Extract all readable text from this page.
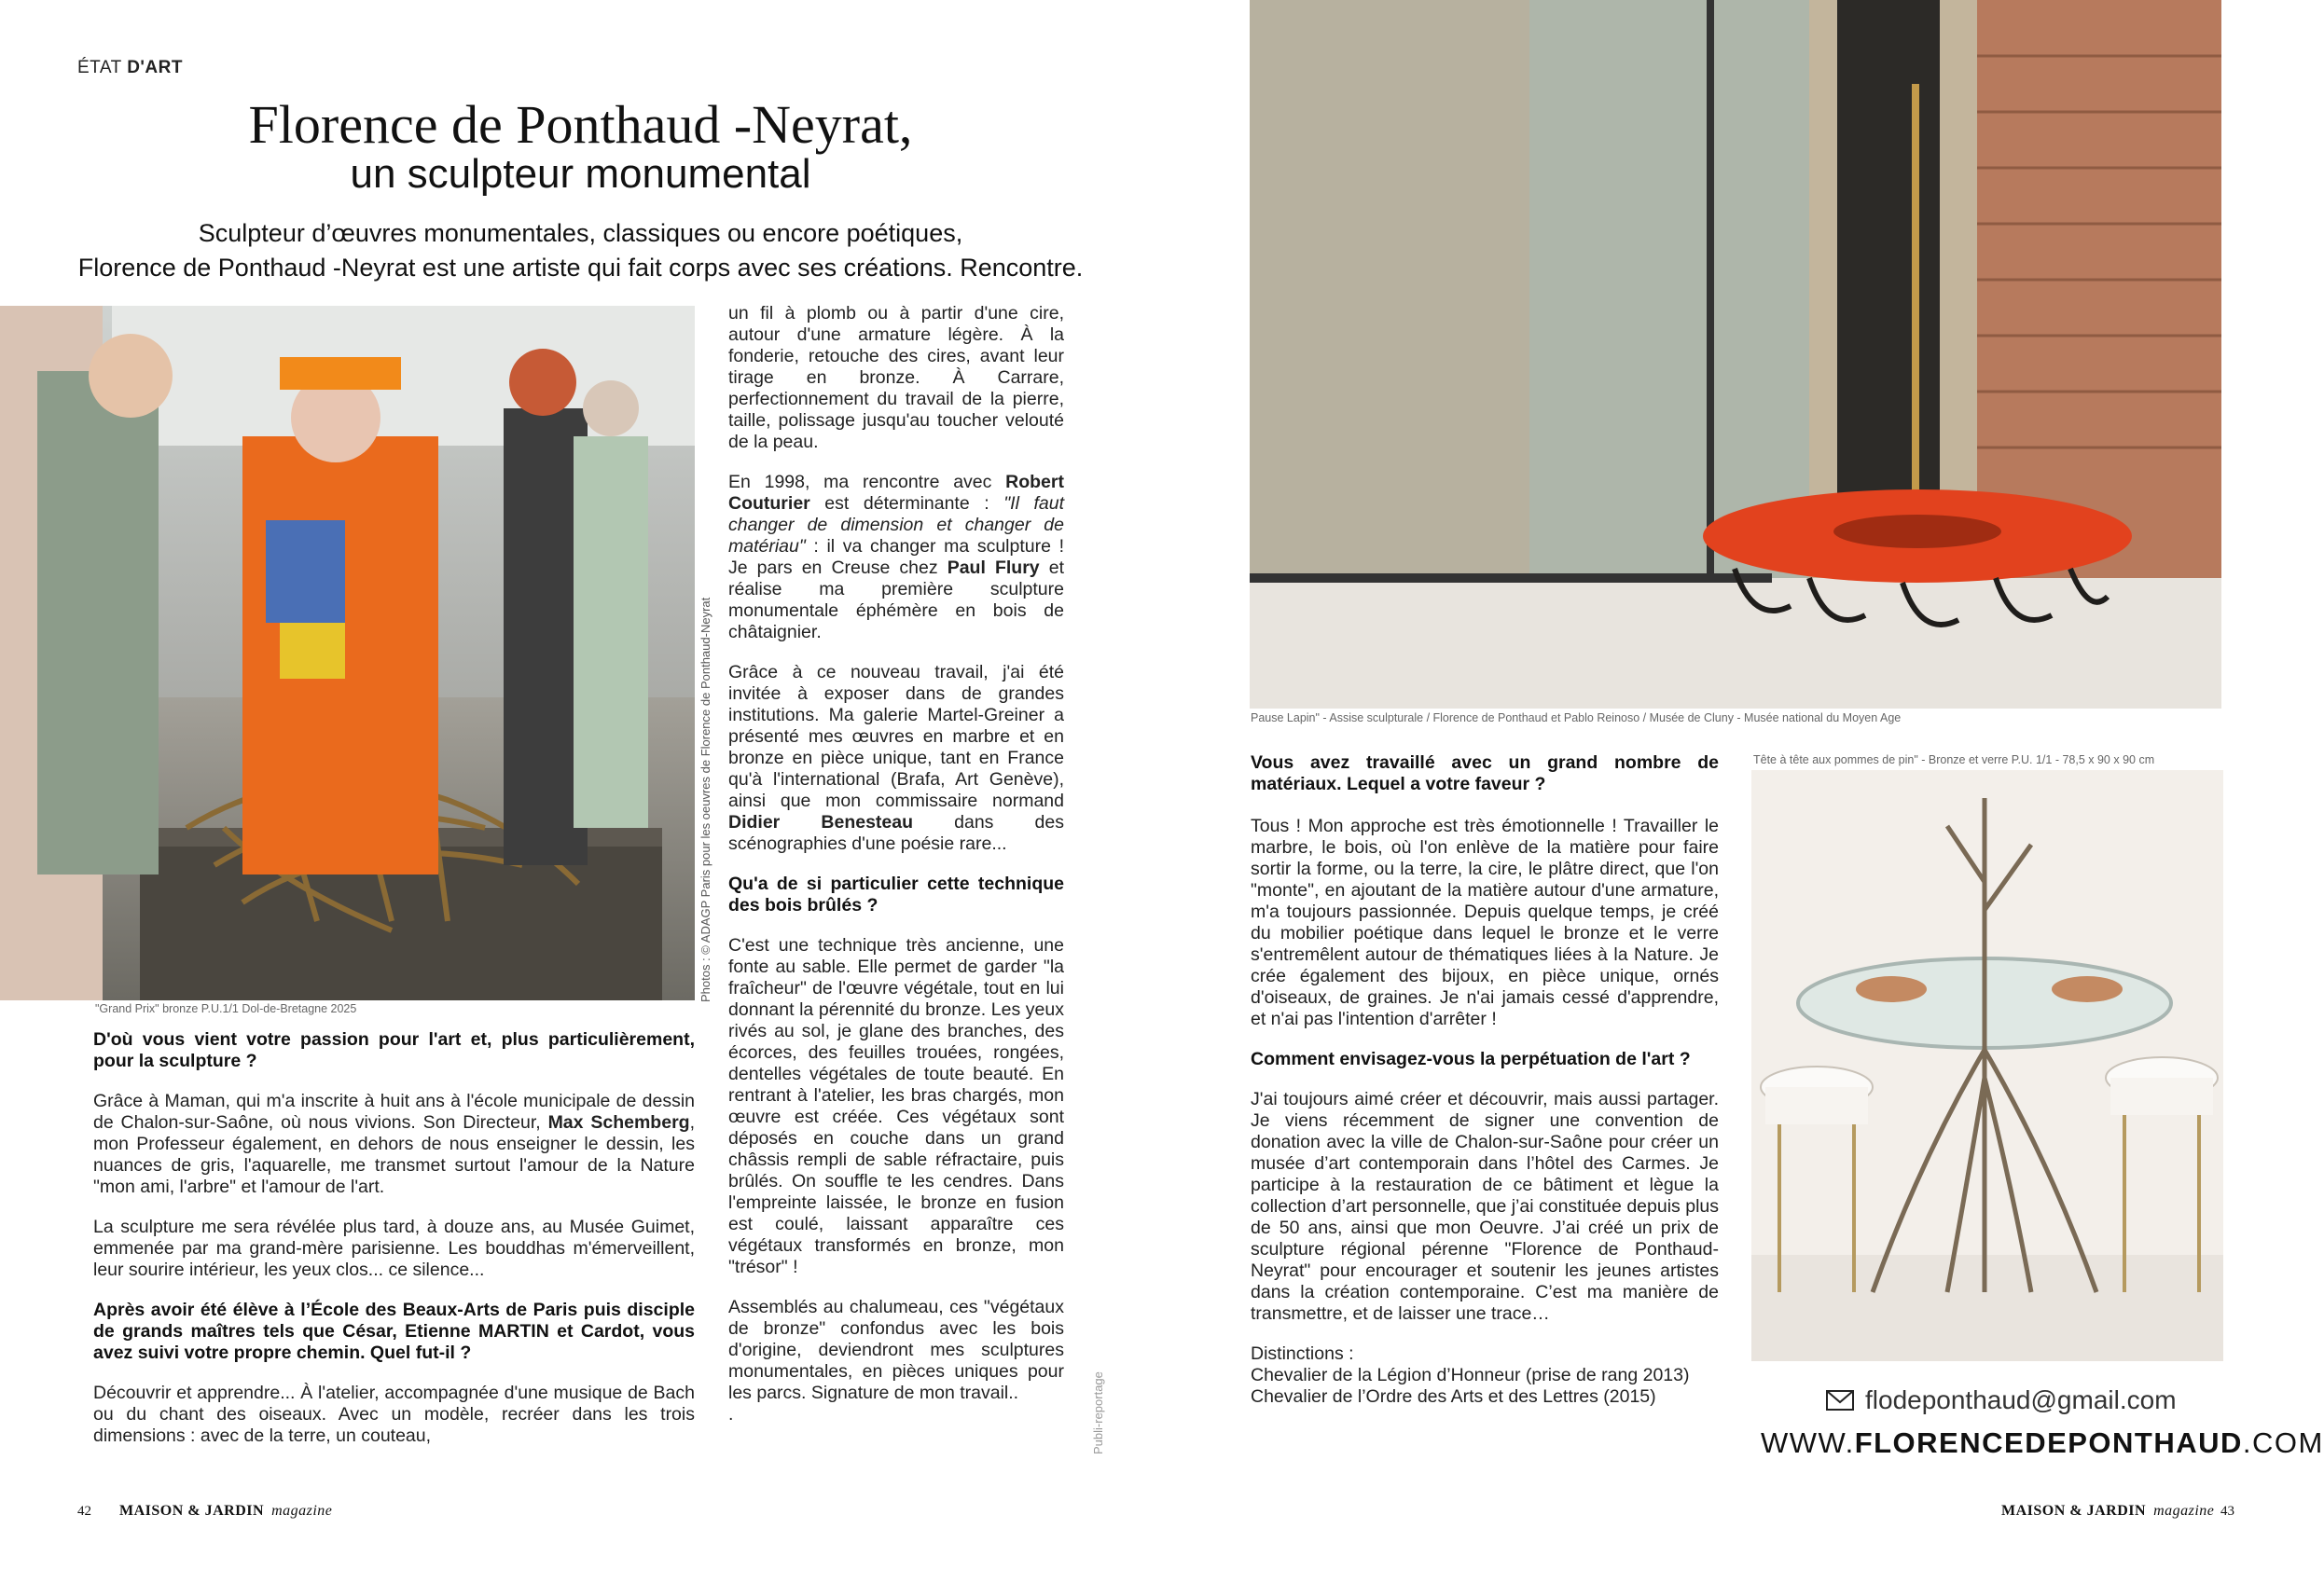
ÉTAT D'ART
Florence de Ponthaud -Neyrat,
un sculpteur monumental
Sculpteur d’œuvres monumentales, classiques ou encore poétiques,
Florence de Ponthaud -Neyrat est une artiste qui fait corps avec ses créations. Rencontre.
"Grand Prix" bronze P.U.1/1 Dol-de-Bretagne 2025
Photos : © ADAGP Paris pour les oeuvres de Florence de Ponthaud-Neyrat

D'où vous vient votre passion pour l'art et, plus particulièrement, pour la sculpture ?

Grâce à Maman, qui m'a inscrite à huit ans à l'école municipale de dessin de Chalon-sur-Saône, où nous vivions. Son Directeur, Max Schemberg, mon Professeur également, en dehors de nous enseigner le dessin, les nuances de gris, l'aquarelle, me transmet surtout l'amour de la Nature "mon ami, l'arbre" et l'amour de l'art.

La sculpture me sera révélée plus tard, à douze ans, au Musée Guimet, emmenée par ma grand-mère parisienne. Les bouddhas m'émerveillent, leur sourire intérieur, les yeux clos... ce silence...

Après avoir été élève à l’École des Beaux-Arts de Paris puis disciple de grands maîtres tels que César, Etienne MARTIN et Cardot, vous avez suivi votre propre chemin. Quel fut-il ?

Découvrir et apprendre... À l'atelier, accompagnée d'une musique de Bach ou du chant des oiseaux. Avec un modèle, recréer dans les trois dimensions : avec de la terre, un couteau,

un fil à plomb ou à partir d'une cire, autour d'une armature légère. À la fonderie, retouche des cires, avant leur tirage en bronze. À Carrare, perfectionnement du travail de la pierre, taille, polissage jusqu'au toucher velouté de la peau.

En 1998, ma rencontre avec Robert Couturier est déterminante : "Il faut changer de dimension et changer de matériau" : il va changer ma sculpture ! Je pars en Creuse chez Paul Flury et réalise ma première sculpture monumentale éphémère en bois de châtaignier.

Grâce à ce nouveau travail, j'ai été invitée à exposer dans de grandes institutions. Ma galerie Martel-Greiner a présenté mes œuvres en marbre et en bronze en pièce unique, tant en France qu'à l'international (Brafa, Art Genève), ainsi que mon commissaire normand Didier Benesteau dans des scénographies d'une poésie rare...

Qu'a de si particulier cette technique des bois brûlés ?

C'est une technique très ancienne, une fonte au sable. Elle permet de garder "la fraîcheur" de l'œuvre végétale, tout en lui donnant la pérennité du bronze. Les yeux rivés au sol, je glane des branches, des écorces, des feuilles trouées, rongées, dentelles végétales de toute beauté. En rentrant à l'atelier, les bras chargés, mon œuvre est créée. Ces végétaux sont déposés en couche dans un grand châssis rempli de sable réfractaire, puis brûlés. On souffle te les cendres. Dans l'empreinte laissée, le bronze en fusion est coulé, laissant apparaître ces végétaux transformés en bronze, mon "trésor" !

Assemblés au chalumeau, ces "végétaux de bronze" confondus avec les bois d'origine, deviendront mes sculptures monumentales, en pièces uniques pour les parcs. Signature de mon travail..

.	Publi-reportage
Pause Lapin" - Assise sculpturale / Florence de Ponthaud et Pablo Reinoso / Musée de Cluny - Musée national du Moyen Age

Vous avez travaillé avec un grand nombre de matériaux. Lequel a votre faveur ?

Tous ! Mon approche est très émotionnelle ! Travailler le marbre, le bois, où l'on enlève de la matière pour faire sortir la forme, ou la terre, la cire, le plâtre direct, que l'on "monte", en ajoutant de la matière autour d'une armature, m'a toujours passionnée. Depuis quelque temps, je créé du mobilier poétique dans lequel le bronze et le verre s'entremêlent autour de thématiques liées à la Nature. Je crée également des bijoux, en pièce unique, ornés d'oiseaux, de graines. Je n'ai jamais cessé d'apprendre, et n'ai pas l'intention d'arrêter !

Comment envisagez-vous la perpétuation de l'art ?

J'ai toujours aimé créer et découvrir, mais aussi partager. Je viens récemment de signer une convention de donation avec la ville de Chalon-sur-Saône pour créer un musée d’art contemporain dans l’hôtel des Carmes. Je participe à la restauration de ce bâtiment et lègue la collection d’art personnelle, que j’ai constituée depuis plus de 50 ans, ainsi que mon Oeuvre. J’ai créé un prix de sculpture régional pérenne "Florence de Ponthaud-Neyrat" pour encourager et soutenir les jeunes artistes dans la création contemporaine. C’est ma manière de transmettre, et de laisser une trace…

Distinctions :
Chevalier de la Légion d’Honneur (prise de rang 2013)
Chevalier de l’Ordre des Arts et des Lettres (2015)
Tête à tête aux pommes de pin" - Bronze et verre P.U. 1/1 - 78,5 x 90 x 90 cm
flodeponthaud@gmail.com
WWW.FLORENCEDEPONTHAUD.COM
42 MAISON & JARDIN magazine	MAISON & JARDIN magazine 43
